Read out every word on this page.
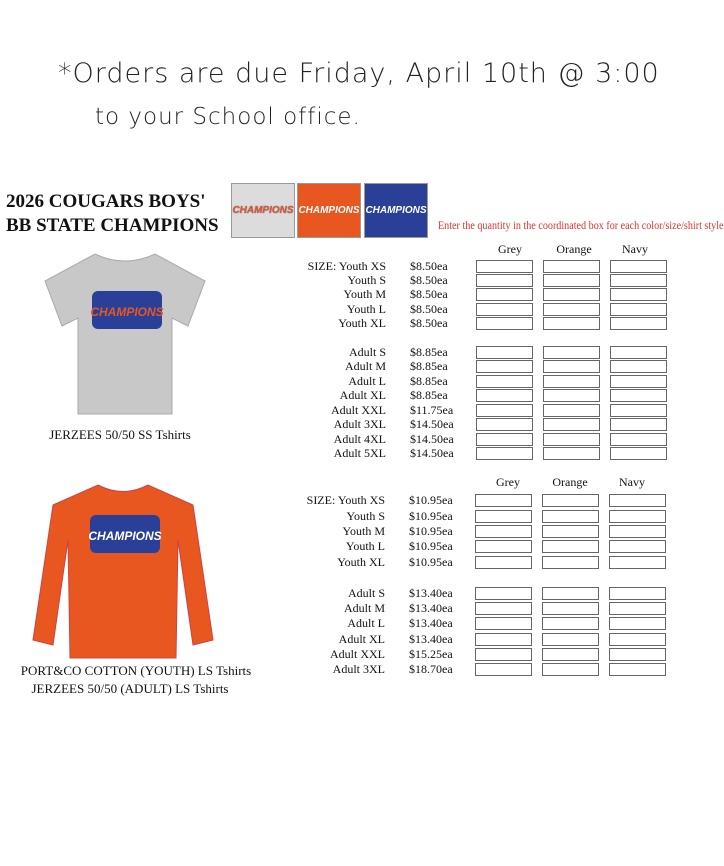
*Orders are due Friday, April 10th @ 3:00
to your School office.
2026 COUGARS BOYS'
BB STATE CHAMPIONS
CHAMPIONS CHAMPIONS CHAMPIONS
Enter the quantity in the coordinated box for each color/size/shirt style
Grey	Orange	Navy
Grey	Orange	Navy
CHAMPIONS
CHAMPIONS
JERZEES 50/50 SS Tshirts
PORT&CO COTTON (YOUTH) LS Tshirts
JERZEES 50/50 (ADULT) LS Tshirts
SIZE: Youth XS	$8.50ea
Youth S	$8.50ea
Youth M	$8.50ea
Youth L	$8.50ea
Youth XL	$8.50ea
Adult S	$8.85ea
Adult M	$8.85ea
Adult L	$8.85ea
Adult XL	$8.85ea
Adult XXL	$11.75ea
Adult 3XL	$14.50ea
Adult 4XL	$14.50ea
Adult 5XL	$14.50ea
SIZE: Youth XS	$10.95ea
Youth S	$10.95ea
Youth M	$10.95ea
Youth L	$10.95ea
Youth XL	$10.95ea
Adult S	$13.40ea
Adult M	$13.40ea
Adult L	$13.40ea
Adult XL	$13.40ea
Adult XXL	$15.25ea
Adult 3XL	$18.70ea
